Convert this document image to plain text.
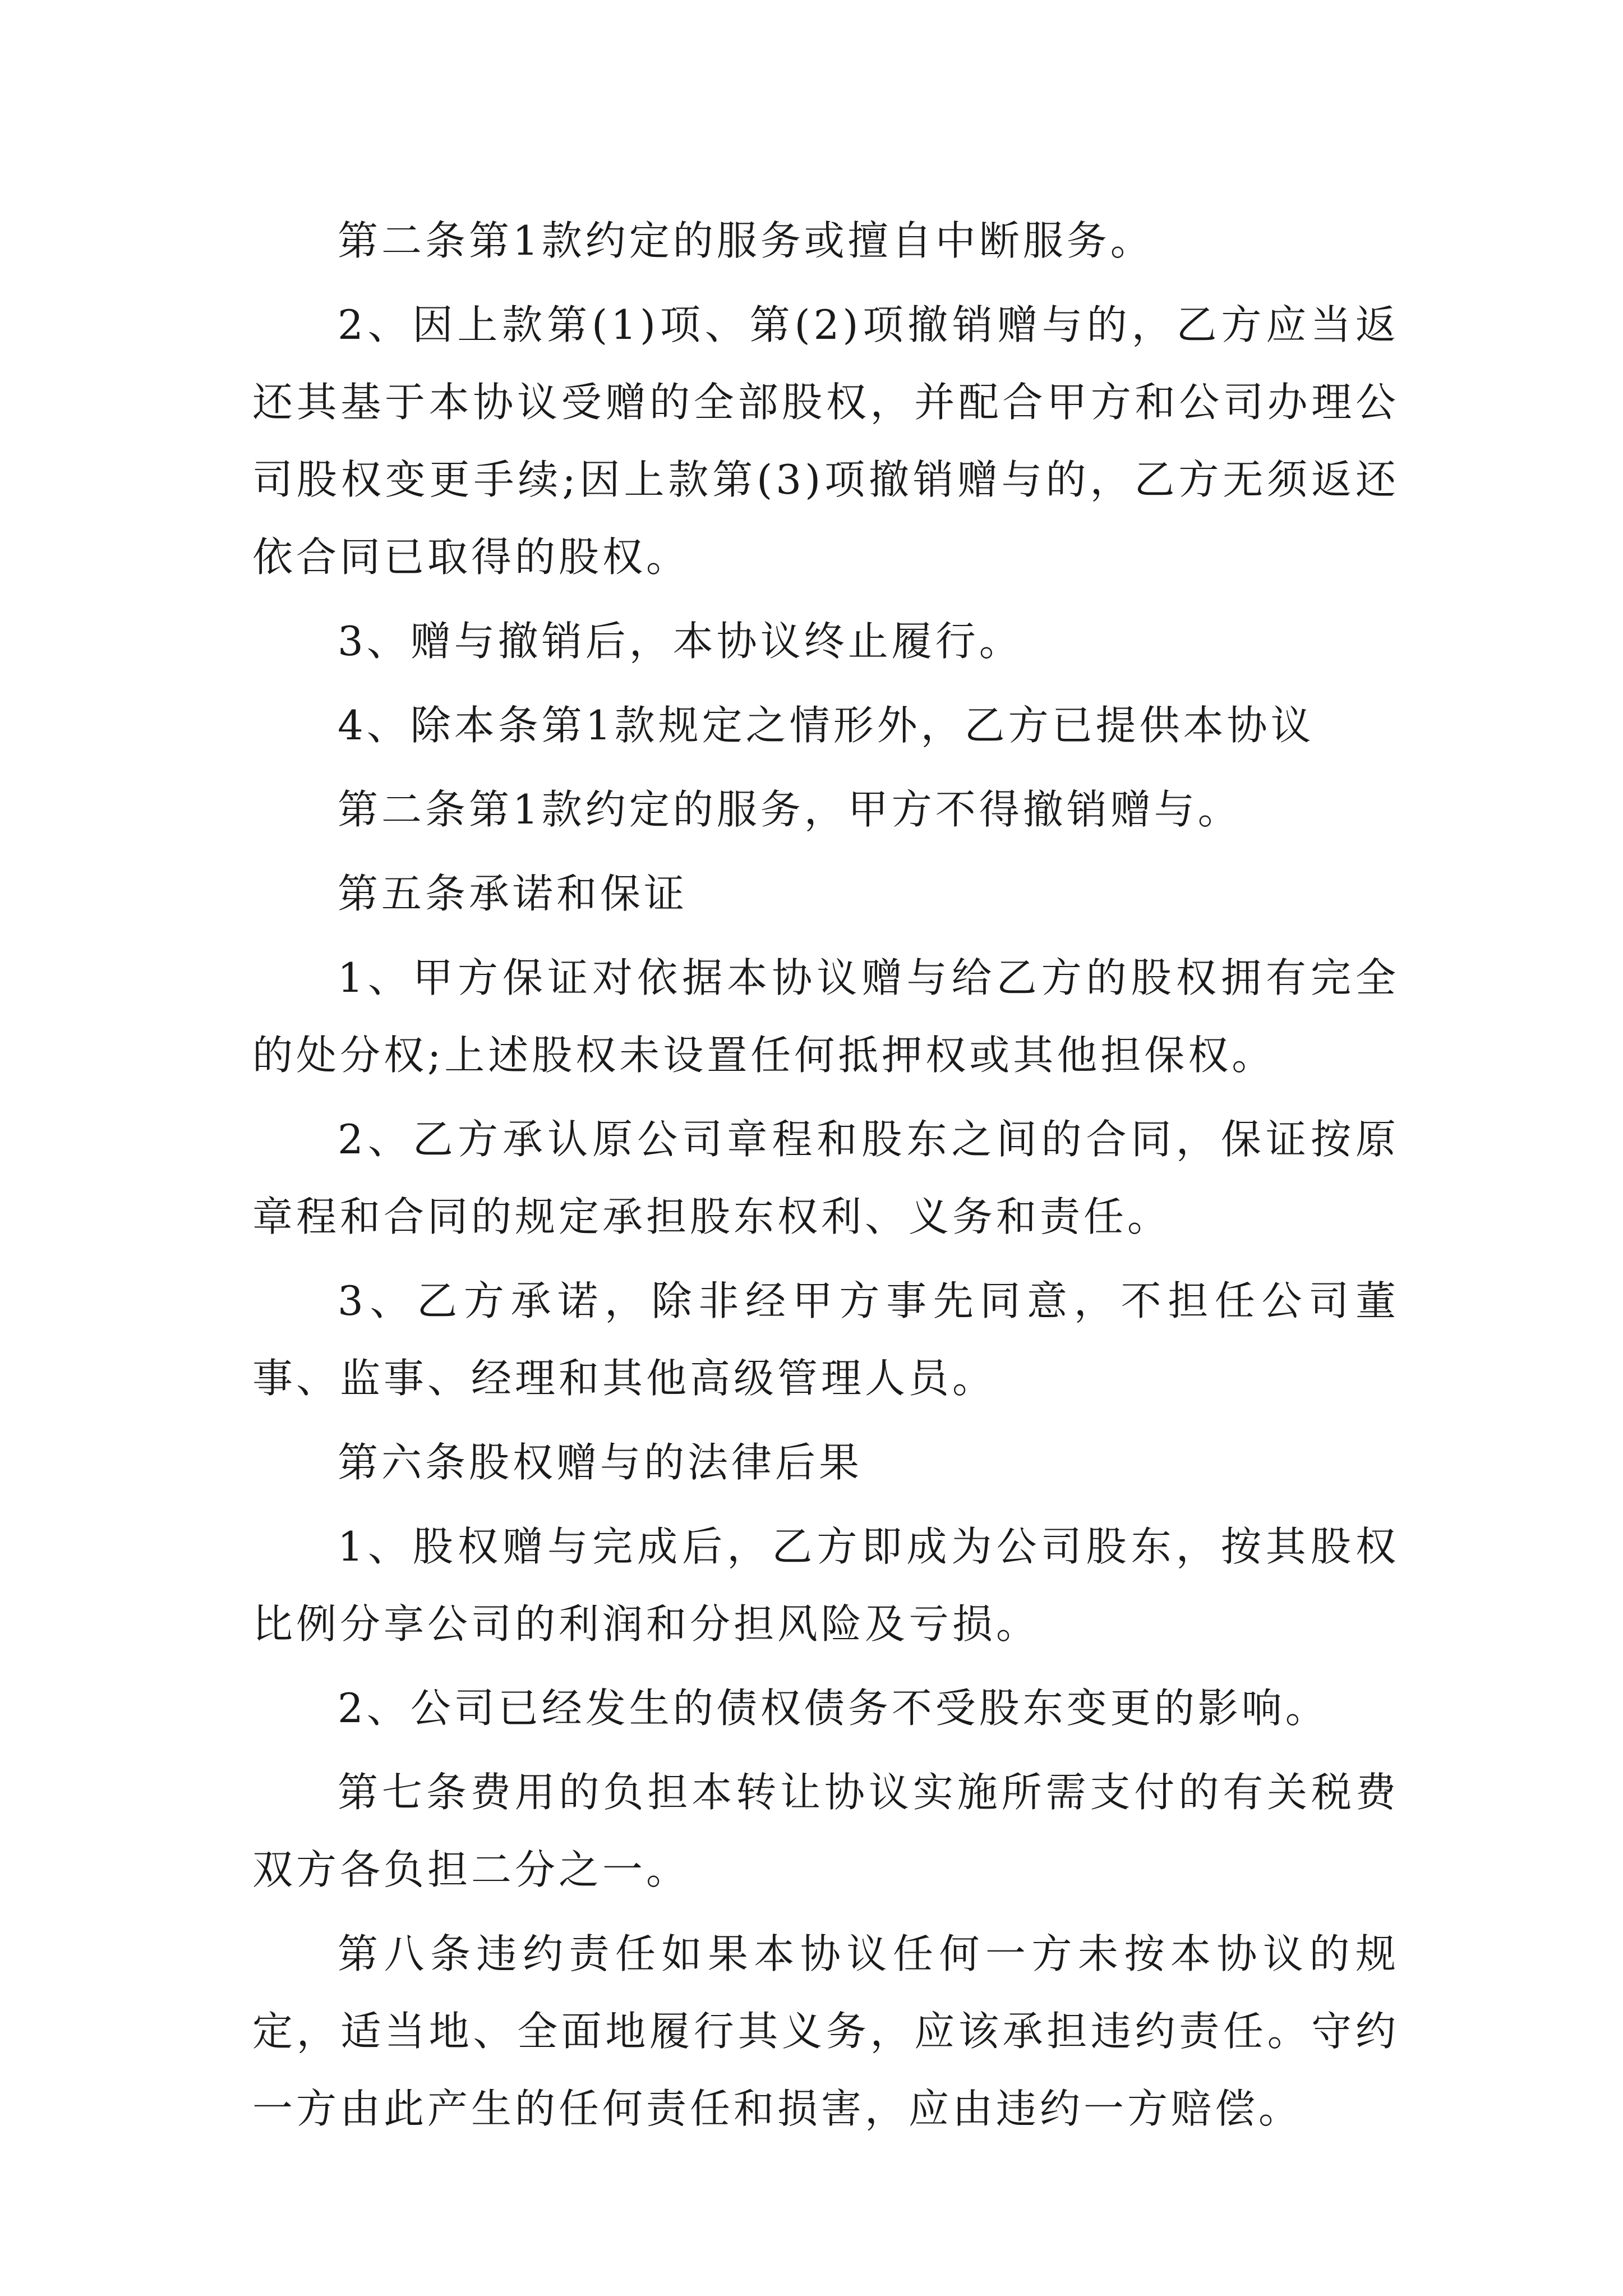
第二条第1款约定的服务或擅自中断服务。

2、因上款第(1)项、第(2)项撤销赠与的，乙方应当返还其基于本协议受赠的全部股权，并配合甲方和公司办理公司股权变更手续;因上款第(3)项撤销赠与的，乙方无须返还依合同已取得的股权。

3、赠与撤销后，本协议终止履行。

4、除本条第1款规定之情形外，乙方已提供本协议

第二条第1款约定的服务，甲方不得撤销赠与。

第五条承诺和保证

1、甲方保证对依据本协议赠与给乙方的股权拥有完全的处分权;上述股权未设置任何抵押权或其他担保权。

2、乙方承认原公司章程和股东之间的合同，保证按原章程和合同的规定承担股东权利、义务和责任。

3、乙方承诺，除非经甲方事先同意，不担任公司董事、监事、经理和其他高级管理人员。

第六条股权赠与的法律后果

1、股权赠与完成后，乙方即成为公司股东，按其股权比例分享公司的利润和分担风险及亏损。

2、公司已经发生的债权债务不受股东变更的影响。

第七条费用的负担本转让协议实施所需支付的有关税费双方各负担二分之一。

第八条违约责任如果本协议任何一方未按本协议的规定，适当地、全面地履行其义务，应该承担违约责任。守约一方由此产生的任何责任和损害，应由违约一方赔偿。
